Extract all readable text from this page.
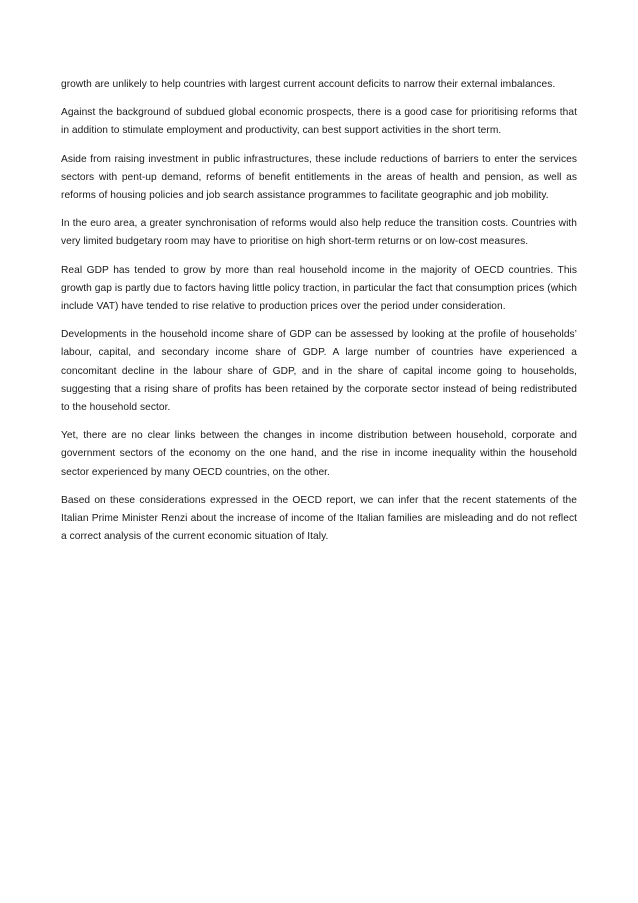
growth are unlikely to help countries with largest current account deficits to narrow their external imbalances.

Against the background of subdued global economic prospects, there is a good case for prioritising reforms that in addition to stimulate employment and productivity, can best support activities in the short term.

Aside from raising investment in public infrastructures, these include reductions of barriers to enter the services sectors with pent-up demand, reforms of benefit entitlements in the areas of health and pension, as well as reforms of housing policies and job search assistance programmes to facilitate geographic and job mobility.

In the euro area, a greater synchronisation of reforms would also help reduce the transition costs. Countries with very limited budgetary room may have to prioritise on high short-term returns or on low-cost measures.

Real GDP has tended to grow by more than real household income in the majority of OECD countries. This growth gap is partly due to factors having little policy traction, in particular the fact that consumption prices (which include VAT) have tended to rise relative to production prices over the period under consideration.

Developments in the household income share of GDP can be assessed by looking at the profile of households’ labour, capital, and secondary income share of GDP. A large number of countries have experienced a concomitant decline in the labour share of GDP, and in the share of capital income going to households, suggesting that a rising share of profits has been retained by the corporate sector instead of being redistributed to the household sector.

Yet, there are no clear links between the changes in income distribution between household, corporate and government sectors of the economy on the one hand, and the rise in income inequality within the household sector experienced by many OECD countries, on the other.

Based on these considerations expressed in the OECD report, we can infer that the recent statements of the Italian Prime Minister Renzi about the increase of income of the Italian families are misleading and do not reflect a correct analysis of the current economic situation of Italy.
